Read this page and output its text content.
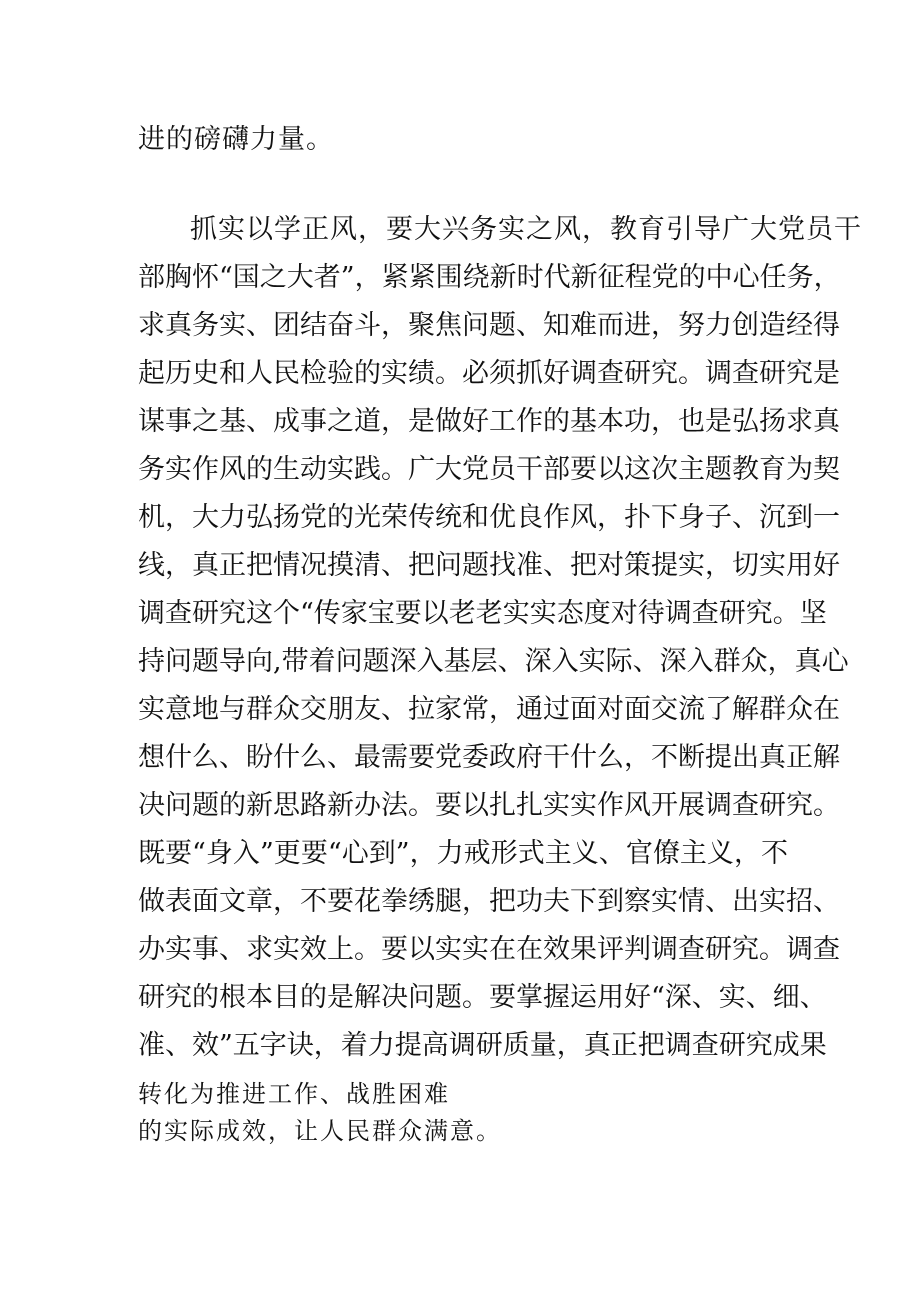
进的磅礴力量。
抓实以学正风，要大兴务实之风，教育引导广大党员干
部胸怀“国之大者”，紧紧围绕新时代新征程党的中心任务，
求真务实、团结奋斗，聚焦问题、知难而进，努力创造经得
起历史和人民检验的实绩。必须抓好调查研究。调查研究是
谋事之基、成事之道，是做好工作的基本功，也是弘扬求真
务实作风的生动实践。广大党员干部要以这次主题教育为契
机，大力弘扬党的光荣传统和优良作风，扑下身子、沉到一
线，真正把情况摸清、把问题找准、把对策提实，切实用好
调查研究这个“传家宝要以老老实实态度对待调查研究。坚
持问题导向,带着问题深入基层、深入实际、深入群众，真心
实意地与群众交朋友、拉家常，通过面对面交流了解群众在
想什么、盼什么、最需要党委政府干什么，不断提出真正解
决问题的新思路新办法。要以扎扎实实作风开展调查研究。
既要“身入”更要“心到”，力戒形式主义、官僚主义，不
做表面文章，不要花拳绣腿，把功夫下到察实情、出实招、
办实事、求实效上。要以实实在在效果评判调查研究。调查
研究的根本目的是解决问题。要掌握运用好“深、实、细、
准、效”五字诀，着力提高调研质量，真正把调查研究成果
转化为推进工作、战胜困难
的实际成效，让人民群众满意。
